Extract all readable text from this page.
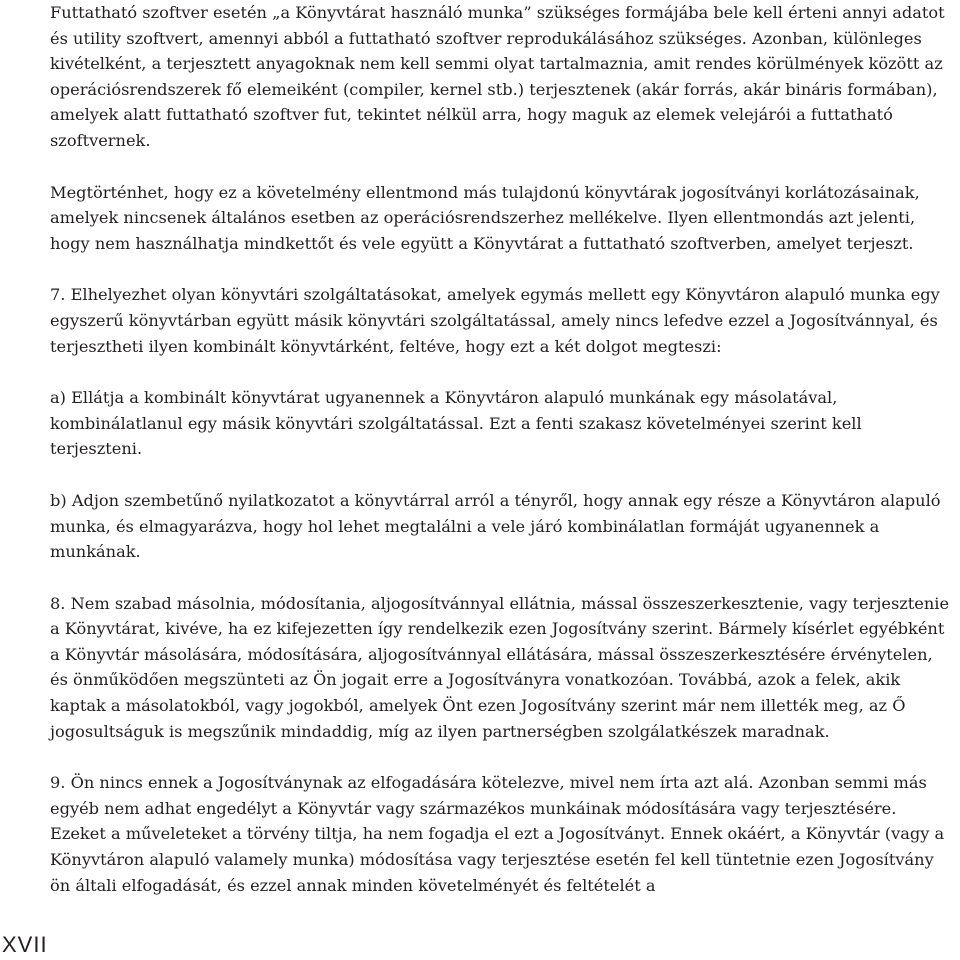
Futtatható szoftver esetén „a Könyvtárat használó munka” szükséges formájába bele kell érteni annyi adatot és utility szoftvert, amennyi abból a futtatható szoftver reprodukálásához szükséges. Azonban, különleges kivételként, a terjesztett anyagoknak nem kell semmi olyat tartalmaznia, amit rendes körülmények között az operációsrendszerek fő elemeiként (compiler, kernel stb.) terjesztenek (akár forrás, akár bináris formában), amelyek alatt futtatható szoftver fut, tekintet nélkül arra, hogy maguk az elemek velejárói a futtatható szoftvernek.

Megtörténhet, hogy ez a követelmény ellentmond más tulajdonú könyvtárak jogosítványi korlátozásainak, amelyek nincsenek általános esetben az operációsrendszerhez mellékelve. Ilyen ellentmondás azt jelenti, hogy nem használhatja mindkettőt és vele együtt a Könyvtárat a futtatható szoftverben, amelyet terjeszt.

7. Elhelyezhet olyan könyvtári szolgáltatásokat, amelyek egymás mellett egy Könyvtáron alapuló munka egy egyszerű könyvtárban együtt másik könyvtári szolgáltatással, amely nincs lefedve ezzel a Jogosítvánnyal, és terjesztheti ilyen kombinált könyvtárként, feltéve, hogy ezt a két dolgot megteszi:

a) Ellátja a kombinált könyvtárat ugyanennek a Könyvtáron alapuló munkának egy másolatával, kombinálatlanul egy másik könyvtári szolgáltatással. Ezt a fenti szakasz követelményei szerint kell terjeszteni.

b) Adjon szembetűnő nyilatkozatot a könyvtárral arról a tényről, hogy annak egy része a Könyvtáron alapuló munka, és elmagyarázva, hogy hol lehet megtalálni a vele járó kombinálatlan formáját ugyanennek a munkának.

8. Nem szabad másolnia, módosítania, aljogosítvánnyal ellátnia, mással összeszerkesztenie, vagy terjesztenie a Könyvtárat, kivéve, ha ez kifejezetten így rendelkezik ezen Jogosítvány szerint. Bármely kísérlet egyébként a Könyvtár másolására, módosítására, aljogosítvánnyal ellátására, mással összeszerkesztésére érvénytelen, és önműködően megszünteti az Ön jogait erre a Jogosítványra vonatkozóan. Továbbá, azok a felek, akik kaptak a másolatokból, vagy jogokból, amelyek Önt ezen Jogosítvány szerint már nem illették meg, az Ő jogosultságuk is megszűnik mindaddig, míg az ilyen partnerségben szolgálatkészek maradnak.

9. Ön nincs ennek a Jogosítványnak az elfogadására kötelezve, mivel nem írta azt alá. Azonban semmi más egyéb nem adhat engedélyt a Könyvtár vagy származékos munkáinak módosítására vagy terjesztésére. Ezeket a műveleteket a törvény tiltja, ha nem fogadja el ezt a Jogosítványt. Ennek okáért, a Könyvtár (vagy a Könyvtáron alapuló valamely munka) módosítása vagy terjesztése esetén fel kell tüntetnie ezen Jogosítvány ön általi elfogadását, és ezzel annak minden követelményét és feltételét a

XVII
